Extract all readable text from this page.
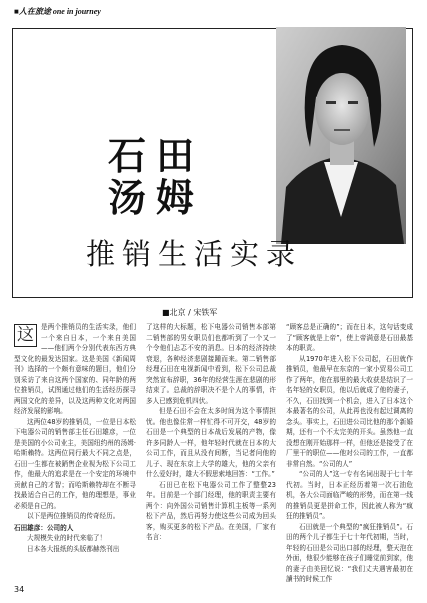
■人在旅途 one in journey
石田
汤姆
推销生活实录
■北京 / 宋铁军
这	是两个推销员的生活实录，他们一个来自日本，一个来自美国——他们两个分别代表东西方典型文化的最发达国家。这是美国《新闻周刊》选择的一个颇有意味的题目，他们分别采访了来自这两个国家的、同年龄的两位推销员，试图通过他们的生活经历探寻两国文化的差异，以及这两种文化对两国经济发展的影响。

这两位48岁的推销员，一位是日本松下电器公司的销售部主任石田雄彦，一位是美国的小公司业主，美国纽约州的汤姆·哈斯賴特。这两位同行最大不同之点是，石田一生都在被銷售企业视为松下公司工作，他最大的追求是在一个安定的环境中贡献自己的才智；而哈斯赖特却在不断寻找最适合自己的工作，他的理想是，事业必须是自己的。

以下是两位推销员的传奇经历。

石田雄彦：公司的人

大规模失业的时代来临了！

日本各大报纸的头版都赫然刊出

了这样的大标题，松下电器公司销售本部第二销售部的男女职员们也都听到了一个又一个令他们忐忑不安的消息。日本的经济持续衰退，各种经济悲剧接踵而来。第二销售部经理石田在电视新闻中看到，松下公司总裁突然宣布辞职，36年的经营生涯在悲剧的形结束了。总裁的辞职决不是个人的事情，许多人已感到危机四伏。

但是石田不会在太多时间为这个事情担忧。他也像住常一样忙得不可开交，48岁的石田是一个典型的日本战后发展的产物，像许多同龄人一样，他年轻时代就在日本的大公司工作，而且从没有间断，当记者问他的儿子、现在东京上大学的雄大，他的父亲有什么爱好时，雄大不假思索地回答：“工作。”

石田已在松下电器公司工作了整整23年。目前是一个部门经理，他的职责主要有两个：向外国公司销售计算机主板等一系列松下产品，然后再努力使这些公司成为回头客，购买更多的松下产品。在美国，厂家有名言：

“顾客总是正确的”；而在日本，这句话变成了“顾客就是上帝”，使上帝满意是石田最基本的职责。

从1970年进入松下公司起，石田就作推销员，他最早在东京的一家小贸易公司工作了两年，他在那里的最大收获是结识了一名年轻的女职员，他以后就成了他的妻子，不久，石田找到一个机会，进入了日本这个本最著名的公司，从此再也没有起过调离的念头。事实上，石田进公司比他的那个新婚期，还有一个不太完美的开头。虽然他一直没想在刚开始那样一样，但他还是接受了在厂里干的职位——他对公司的工作，一直都非常自然。“公司的人”

“公司的人”这一专有名词出现于七十年代初。当时，日本正经历着第一次石油危机，各大公司面临严峻的形势，而在第一线的推销员更是拼命工作，因此被人称为“疯狂的推销员”。

石田就是一个典型的“疯狂推销员”。石田的两个儿子都生于七十年代初期，当时，年轻的石田是公司出口部的经理，整天泡在外面，他很少能够在孩子们睡觉前到家，他的妻子由美回忆说：“我们丈夫遇害最初在讀书的时候工作

34
